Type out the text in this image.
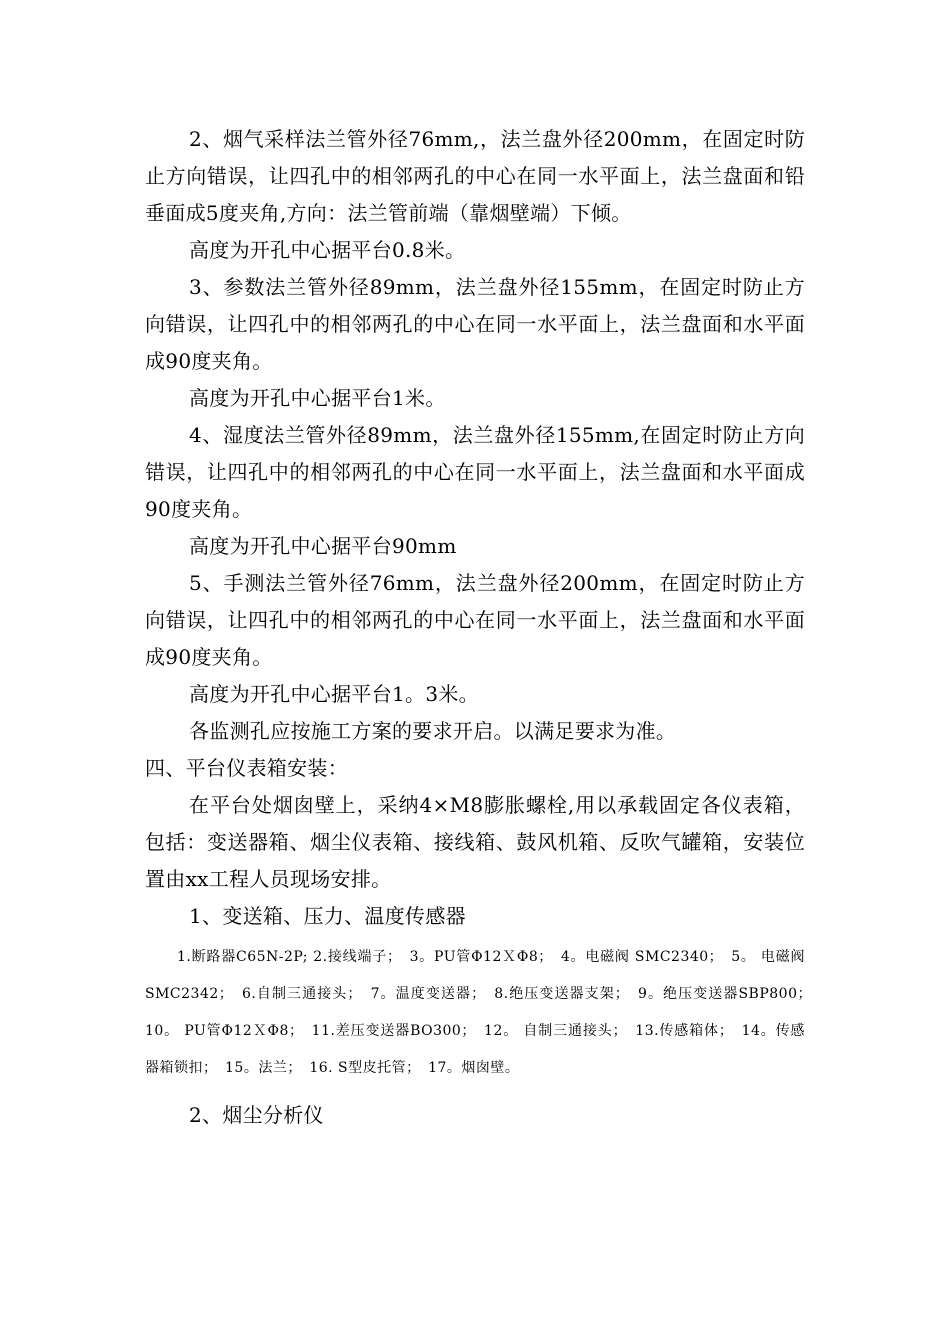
2、烟气采样法兰管外径76mm,，法兰盘外径200mm，在固定时防止方向错误，让四孔中的相邻两孔的中心在同一水平面上，法兰盘面和铅垂面成5度夹角,方向：法兰管前端（靠烟壁端）下倾。

高度为开孔中心据平台0.8米。

3、参数法兰管外径89mm，法兰盘外径155mm，在固定时防止方向错误，让四孔中的相邻两孔的中心在同一水平面上，法兰盘面和水平面成90度夹角。

高度为开孔中心据平台1米。

4、湿度法兰管外径89mm，法兰盘外径155mm,在固定时防止方向错误，让四孔中的相邻两孔的中心在同一水平面上，法兰盘面和水平面成90度夹角。

高度为开孔中心据平台90mm

5、手测法兰管外径76mm，法兰盘外径200mm，在固定时防止方向错误，让四孔中的相邻两孔的中心在同一水平面上，法兰盘面和水平面成90度夹角。

高度为开孔中心据平台1。3米。

各监测孔应按施工方案的要求开启。以满足要求为准。

四、平台仪表箱安装：

在平台处烟囱壁上，采纳4×M8膨胀螺栓,用以承载固定各仪表箱，包括：变送器箱、烟尘仪表箱、接线箱、鼓风机箱、反吹气罐箱，安装位置由xx工程人员现场安排。

1、变送箱、压力、温度传感器

1.断路器C65N-2P; 2.接线端子；　3。PU管Φ12ＸΦ8；　4。电磁阀 SMC2340；　5。 电磁阀 SMC2342；　6.自制三通接头；　7。温度变送器；　8.绝压变送器支架；　9。绝压变送器SBP800；　10。 PU管Φ12ＸΦ8；　11.差压变送器BO300；　12。 自制三通接头；　13.传感箱体；　14。传感器箱锁扣；　15。法兰；　16. S型皮托管；　17。烟囱壁。

2、烟尘分析仪
